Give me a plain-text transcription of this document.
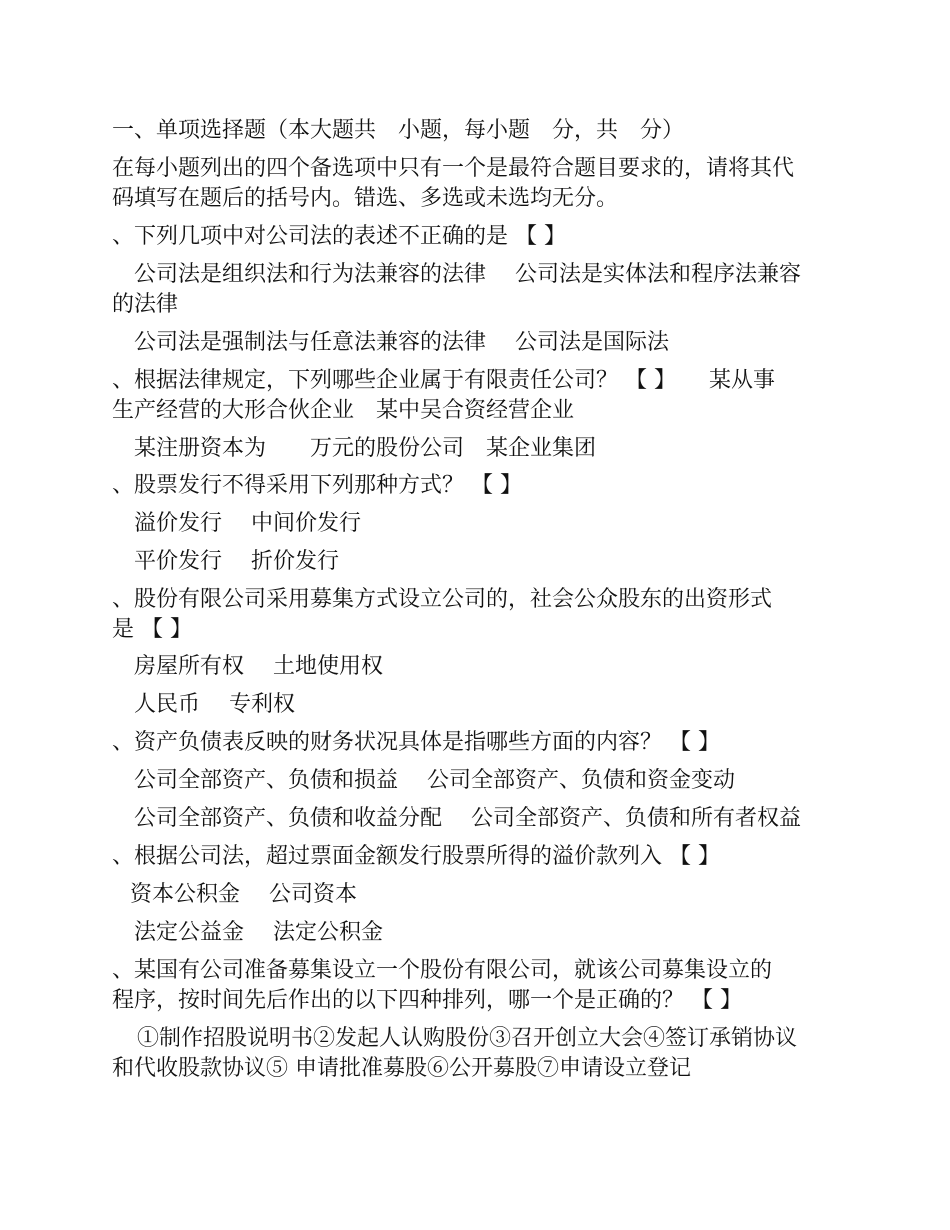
一、单项选择题（本大题共　小题，每小题　分，共　分）
在每小题列出的四个备选项中只有一个是最符合题目要求的，请将其代
码填写在题后的括号内。错选、多选或未选均无分。
、下列几项中对公司法的表述不正确的是 【 】
公司法是组织法和行为法兼容的法律　 公司法是实体法和程序法兼容
的法律
公司法是强制法与任意法兼容的法律　 公司法是国际法
、根据法律规定，下列哪些企业属于有限责任公司？ 【 】　　某从事
生产经营的大形合伙企业　某中吴合资经营企业
某注册资本为　　万元的股份公司　某企业集团
、股票发行不得采用下列那种方式？ 【 】
溢价发行　 中间价发行
平价发行　 折价发行
、股份有限公司采用募集方式设立公司的，社会公众股东的出资形式
是 【 】
房屋所有权　 土地使用权
人民币　 专利权
、资产负债表反映的财务状况具体是指哪些方面的内容？ 【 】
公司全部资产、负债和损益　 公司全部资产、负债和资金变动
公司全部资产、负债和收益分配　 公司全部资产、负债和所有者权益
、根据公司法，超过票面金额发行股票所得的溢价款列入 【 】
资本公积金　 公司资本
法定公益金　 法定公积金
、某国有公司准备募集设立一个股份有限公司，就该公司募集设立的
程序，按时间先后作出的以下四种排列，哪一个是正确的？ 【 】
①制作招股说明书②发起人认购股份③召开创立大会④签订承销协议
和代收股款协议⑤ 申请批准募股⑥公开募股⑦申请设立登记
